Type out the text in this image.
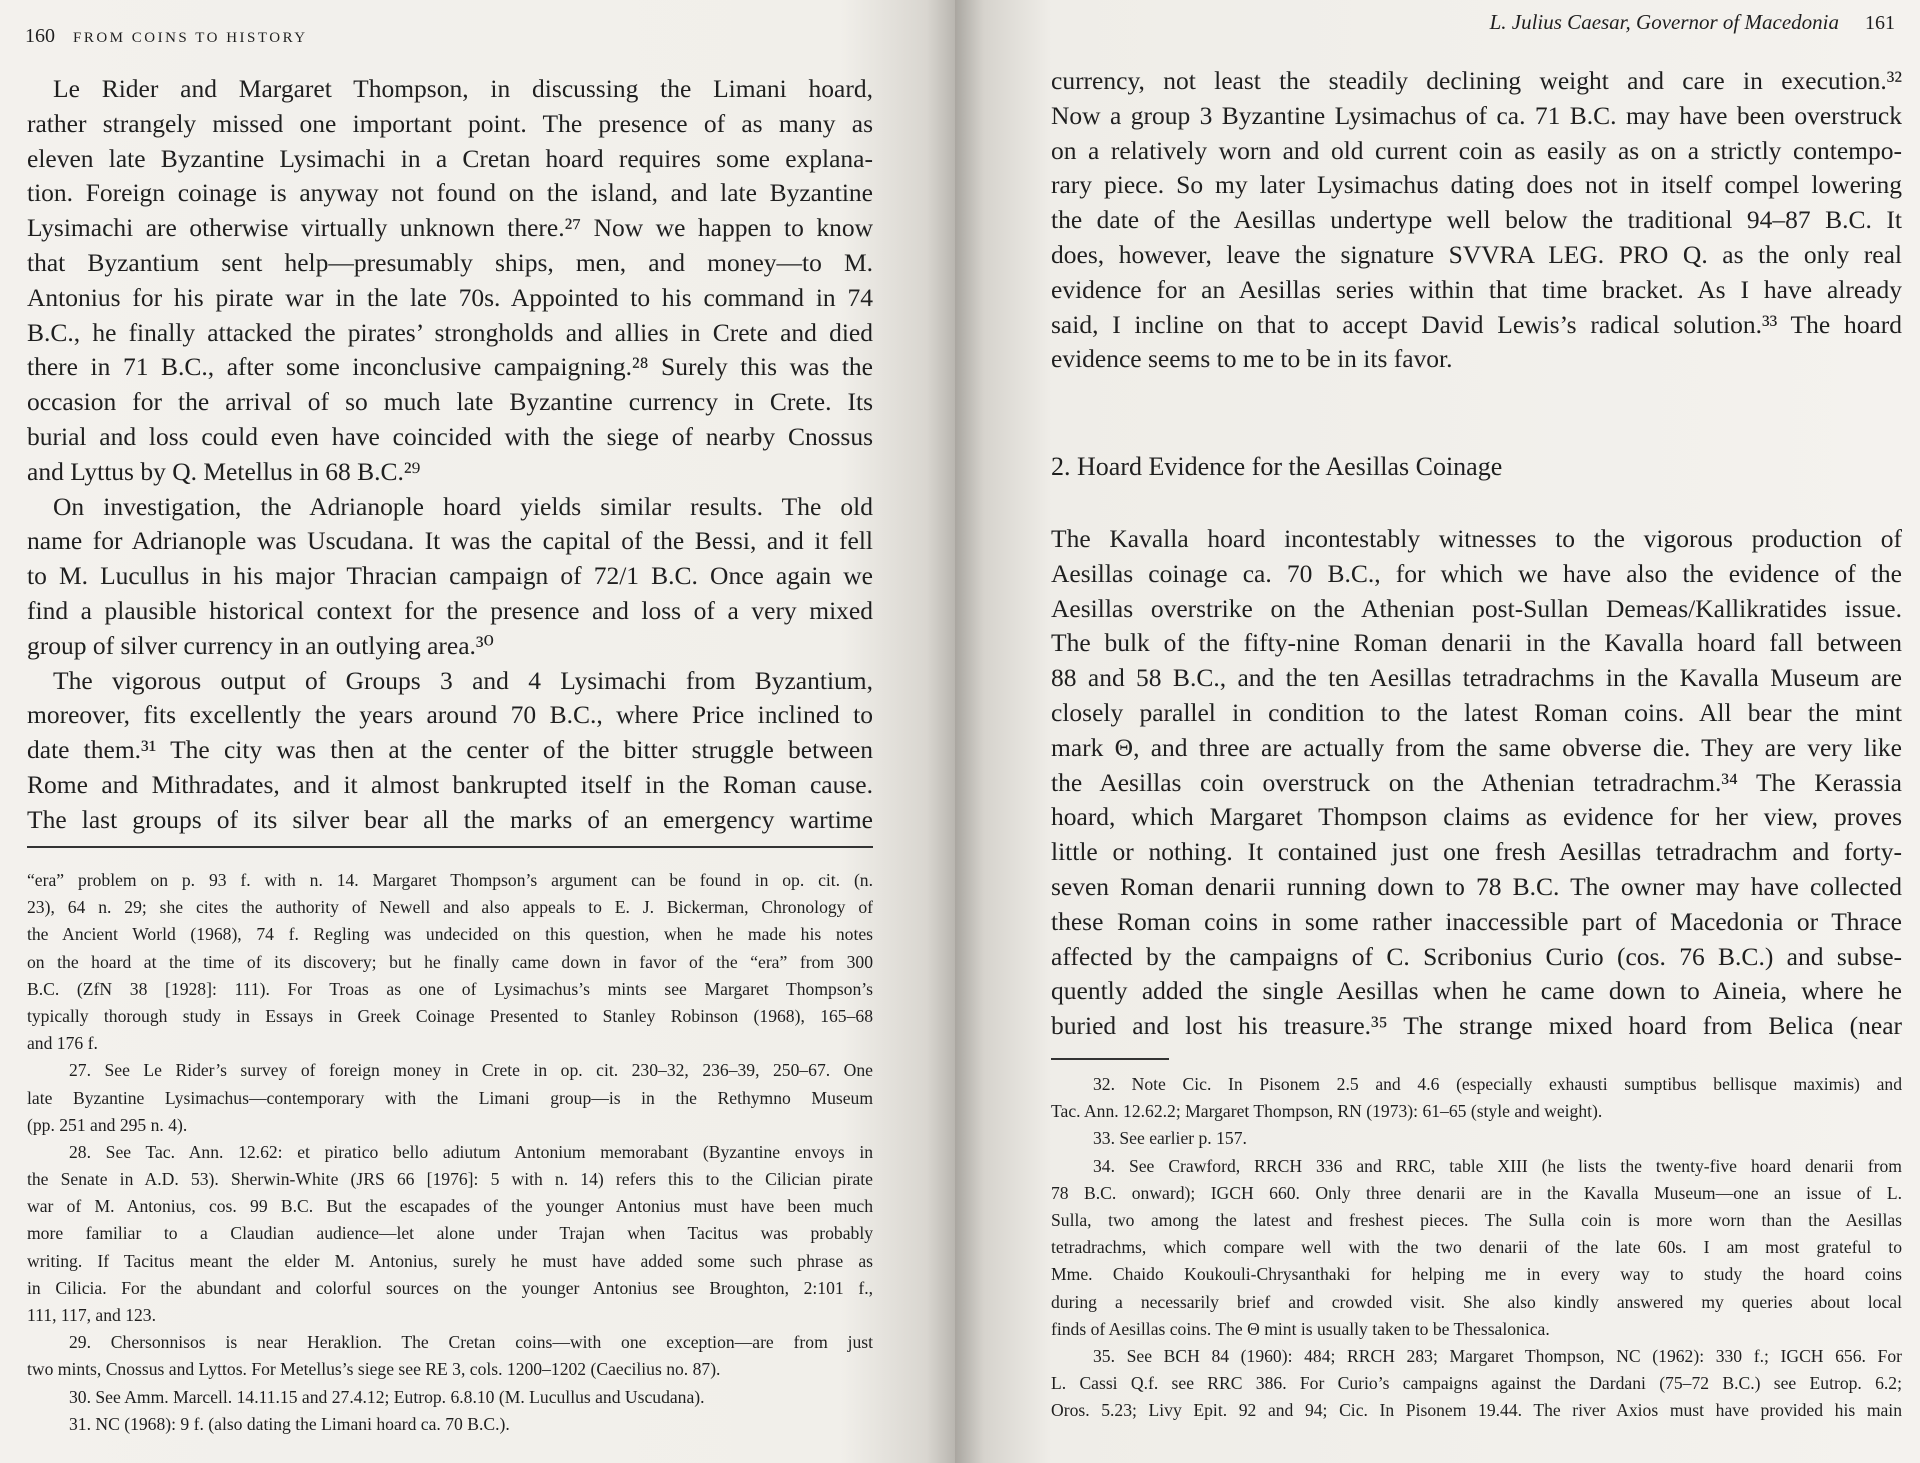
160 FROM COINS TO HISTORY
Le Rider and Margaret Thompson, in discussing the Limani hoard,
rather strangely missed one important point. The presence of as many as
eleven late Byzantine Lysimachi in a Cretan hoard requires some explana-
tion. Foreign coinage is anyway not found on the island, and late Byzantine
Lysimachi are otherwise virtually unknown there.²⁷ Now we happen to know
that Byzantium sent help—presumably ships, men, and money—to M.
Antonius for his pirate war in the late 70s. Appointed to his command in 74
B.C., he finally attacked the pirates’ strongholds and allies in Crete and died
there in 71 B.C., after some inconclusive campaigning.²⁸ Surely this was the
occasion for the arrival of so much late Byzantine currency in Crete. Its
burial and loss could even have coincided with the siege of nearby Cnossus
and Lyttus by Q. Metellus in 68 B.C.²⁹
On investigation, the Adrianople hoard yields similar results. The old
name for Adrianople was Uscudana. It was the capital of the Bessi, and it fell
to M. Lucullus in his major Thracian campaign of 72/1 B.C. Once again we
find a plausible historical context for the presence and loss of a very mixed
group of silver currency in an outlying area.³⁰
The vigorous output of Groups 3 and 4 Lysimachi from Byzantium,
moreover, fits excellently the years around 70 B.C., where Price inclined to
date them.³¹ The city was then at the center of the bitter struggle between
Rome and Mithradates, and it almost bankrupted itself in the Roman cause.
The last groups of its silver bear all the marks of an emergency wartime
“era” problem on p. 93 f. with n. 14. Margaret Thompson’s argument can be found in op. cit. (n.
23), 64 n. 29; she cites the authority of Newell and also appeals to E. J. Bickerman, Chronology of
the Ancient World (1968), 74 f. Regling was undecided on this question, when he made his notes
on the hoard at the time of its discovery; but he finally came down in favor of the “era” from 300
B.C. (ZfN 38 [1928]: 111). For Troas as one of Lysimachus’s mints see Margaret Thompson’s
typically thorough study in Essays in Greek Coinage Presented to Stanley Robinson (1968), 165–68
and 176 f.
27. See Le Rider’s survey of foreign money in Crete in op. cit. 230–32, 236–39, 250–67. One
late Byzantine Lysimachus—contemporary with the Limani group—is in the Rethymno Museum
(pp. 251 and 295 n. 4).
28. See Tac. Ann. 12.62: et piratico bello adiutum Antonium memorabant (Byzantine envoys in
the Senate in A.D. 53). Sherwin-White (JRS 66 [1976]: 5 with n. 14) refers this to the Cilician pirate
war of M. Antonius, cos. 99 B.C. But the escapades of the younger Antonius must have been much
more familiar to a Claudian audience—let alone under Trajan when Tacitus was probably
writing. If Tacitus meant the elder M. Antonius, surely he must have added some such phrase as
in Cilicia. For the abundant and colorful sources on the younger Antonius see Broughton, 2:101 f.,
111, 117, and 123.
29. Chersonnisos is near Heraklion. The Cretan coins—with one exception—are from just
two mints, Cnossus and Lyttos. For Metellus’s siege see RE 3, cols. 1200–1202 (Caecilius no. 87).
30. See Amm. Marcell. 14.11.15 and 27.4.12; Eutrop. 6.8.10 (M. Lucullus and Uscudana).
31. NC (1968): 9 f. (also dating the Limani hoard ca. 70 B.C.).
L. Julius Caesar, Governor of Macedonia 161
currency, not least the steadily declining weight and care in execution.³²
Now a group 3 Byzantine Lysimachus of ca. 71 B.C. may have been overstruck
on a relatively worn and old current coin as easily as on a strictly contempo-
rary piece. So my later Lysimachus dating does not in itself compel lowering
the date of the Aesillas undertype well below the traditional 94–87 B.C. It
does, however, leave the signature SVVRA LEG. PRO Q. as the only real
evidence for an Aesillas series within that time bracket. As I have already
said, I incline on that to accept David Lewis’s radical solution.³³ The hoard
evidence seems to me to be in its favor.
2. Hoard Evidence for the Aesillas Coinage
The Kavalla hoard incontestably witnesses to the vigorous production of
Aesillas coinage ca. 70 B.C., for which we have also the evidence of the
Aesillas overstrike on the Athenian post-Sullan Demeas/Kallikratides issue.
The bulk of the fifty-nine Roman denarii in the Kavalla hoard fall between
88 and 58 B.C., and the ten Aesillas tetradrachms in the Kavalla Museum are
closely parallel in condition to the latest Roman coins. All bear the mint
mark Θ, and three are actually from the same obverse die. They are very like
the Aesillas coin overstruck on the Athenian tetradrachm.³⁴ The Kerassia
hoard, which Margaret Thompson claims as evidence for her view, proves
little or nothing. It contained just one fresh Aesillas tetradrachm and forty-
seven Roman denarii running down to 78 B.C. The owner may have collected
these Roman coins in some rather inaccessible part of Macedonia or Thrace
affected by the campaigns of C. Scribonius Curio (cos. 76 B.C.) and subse-
quently added the single Aesillas when he came down to Aineia, where he
buried and lost his treasure.³⁵ The strange mixed hoard from Belica (near
32. Note Cic. In Pisonem 2.5 and 4.6 (especially exhausti sumptibus bellisque maximis) and
Tac. Ann. 12.62.2; Margaret Thompson, RN (1973): 61–65 (style and weight).
33. See earlier p. 157.
34. See Crawford, RRCH 336 and RRC, table XIII (he lists the twenty-five hoard denarii from
78 B.C. onward); IGCH 660. Only three denarii are in the Kavalla Museum—one an issue of L.
Sulla, two among the latest and freshest pieces. The Sulla coin is more worn than the Aesillas
tetradrachms, which compare well with the two denarii of the late 60s. I am most grateful to
Mme. Chaido Koukouli-Chrysanthaki for helping me in every way to study the hoard coins
during a necessarily brief and crowded visit. She also kindly answered my queries about local
finds of Aesillas coins. The Θ mint is usually taken to be Thessalonica.
35. See BCH 84 (1960): 484; RRCH 283; Margaret Thompson, NC (1962): 330 f.; IGCH 656. For
L. Cassi Q.f. see RRC 386. For Curio’s campaigns against the Dardani (75–72 B.C.) see Eutrop. 6.2;
Oros. 5.23; Livy Epit. 92 and 94; Cic. In Pisonem 19.44. The river Axios must have provided his main
